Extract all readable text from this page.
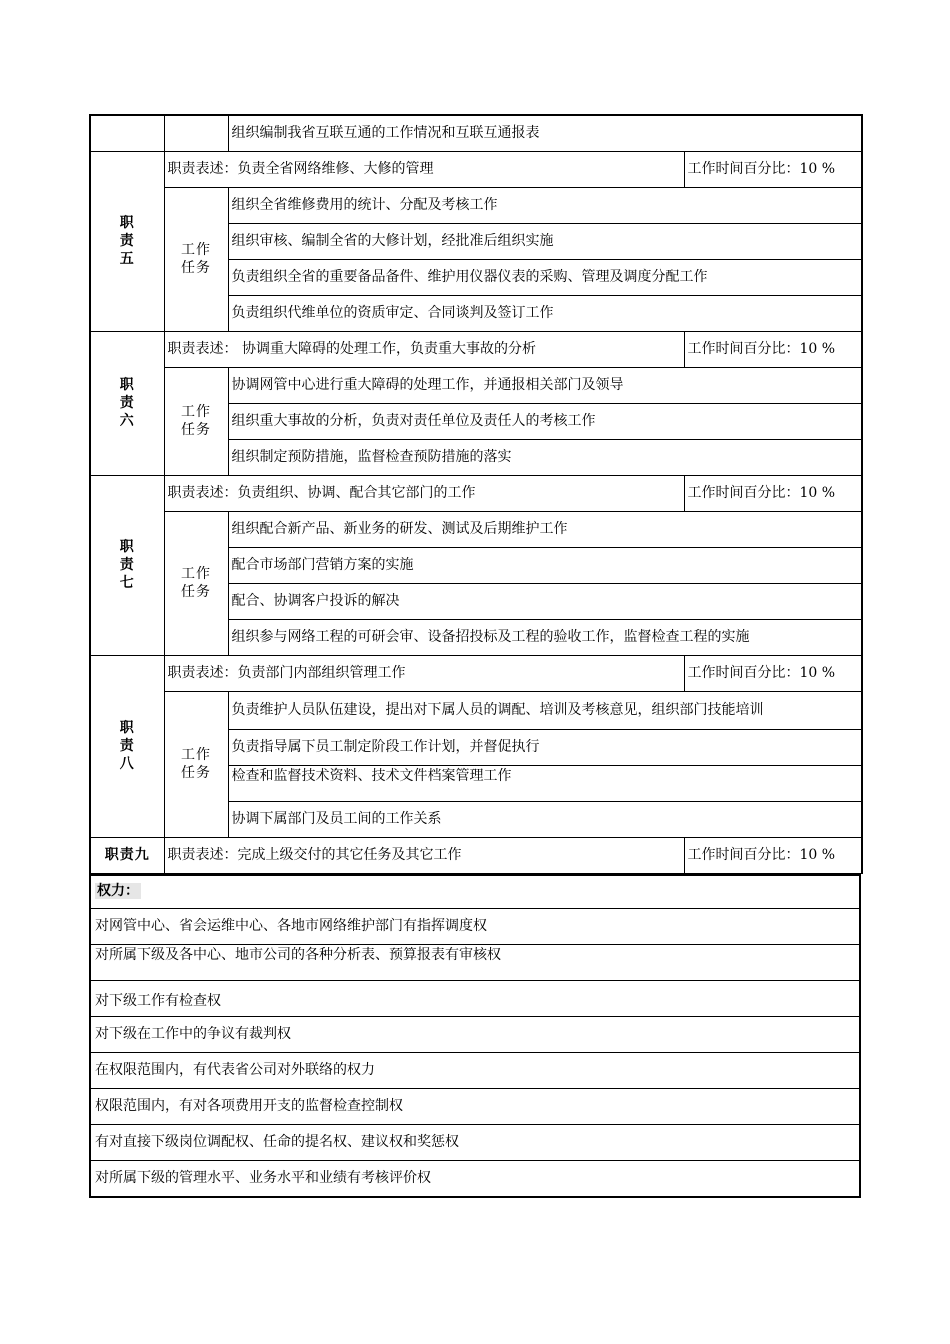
		组织编制我省互联互通的工作情况和互联互通报表	
职
责
五	职责表述：负责全省网络维修、大修的管理		工作时间百分比：10 %
	工作
任务	组织全省维修费用的统计、分配及考核工作	
		组织审核、编制全省的大修计划，经批准后组织实施	
		负责组织全省的重要备品备件、维护用仪器仪表的采购、管理及调度分配工作	
		负责组织代维单位的资质审定、合同谈判及签订工作	
职
责
六	职责表述： 协调重大障碍的处理工作，负责重大事故的分析		工作时间百分比：10 %
	工作
任务	协调网管中心进行重大障碍的处理工作，并通报相关部门及领导	
		组织重大事故的分析，负责对责任单位及责任人的考核工作	
		组织制定预防措施，监督检查预防措施的落实	
职
责
七	职责表述：负责组织、协调、配合其它部门的工作		工作时间百分比：10 %
	工作
任务	组织配合新产品、新业务的研发、测试及后期维护工作	
		配合市场部门营销方案的实施	
		配合、协调客户投诉的解决	
		组织参与网络工程的可研会审、设备招投标及工程的验收工作，监督检查工程的实施	
职
责
八	职责表述：负责部门内部组织管理工作		工作时间百分比：10 %
	工作
任务	负责维护人员队伍建设，提出对下属人员的调配、培训及考核意见，组织部门技能培训	
		负责指导属下员工制定阶段工作计划，并督促执行	
		检查和监督技术资料、技术文件档案管理工作	
		协调下属部门及员工间的工作关系	
职责九	职责表述：完成上级交付的其它任务及其它工作		工作时间百分比：10 %
权力：
对网管中心、省会运维中心、各地市网络维护部门有指挥调度权
对所属下级及各中心、地市公司的各种分析表、预算报表有审核权
对下级工作有检查权
对下级在工作中的争议有裁判权
在权限范围内，有代表省公司对外联络的权力
权限范围内，有对各项费用开支的监督检查控制权
有对直接下级岗位调配权、任命的提名权、建议权和奖惩权
对所属下级的管理水平、业务水平和业绩有考核评价权
